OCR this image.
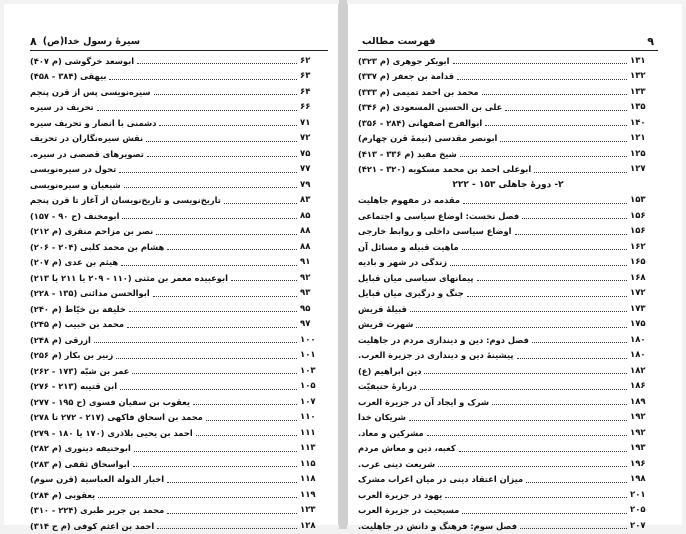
۸ سیرهٔ رسول خدا(ص)
ابوسعد خرگوشی (م ۴۰۷)	۶۲
بیهقی (۳۸۴ - ۴۵۸)	۶۳
سیره‌نویسی پس از قرن پنجم	۶۴
تحریف در سیره	۶۶
دشمنی با انصار و تحریف سیره	۷۱
نقش سیره‌نگاران در تحریف	۷۲
تصویرهای قصصی در سیره.	۷۵
تحول در سیره‌نویسی	۷۷
شیعیان و سیره‌نویسی	۷۹
تاریخ‌نویسی و تاریخ‌نویسان از آغاز تا قرن پنجم	۸۳
ابومخنف (ح ۹۰ - ۱۵۷)	۸۵
نصر بن مزاحم منقری (م ۲۱۲)	۸۸
هشام بن محمد کلبی (۲۰۴ - ۲۰۶)	۸۸
هیثم بن عدی (م ۲۰۷)	۹۱
ابوعبیده معمر بن مثنی (۱۱۰ - ۲۰۹ یا ۲۱۱ یا ۲۱۳)	۹۲
ابوالحسن مدائنی (۱۳۵ - ۲۲۸)	۹۳
خلیفة بن خیّاط (م ۲۴۰)	۹۵
محمد بن حبیب (م ۲۴۵)	۹۷
ازرقی (م ۲۴۸)	۱۰۰
زبیر بن بکار (م ۲۵۶)	۱۰۱
عمر بن شبّه (۱۷۳ - ۲۶۲)	۱۰۳
ابن قتیبه (۲۱۳ - ۲۷۶)	۱۰۵
یعقوب بن سفیان فسوی (ح ۱۹۵ - ۲۷۷)	۱۰۷
محمد بن اسحاق فاکهی (۲۱۷ - ۲۷۲ تا ۲۷۸)	۱۱۰
احمد بن یحیی بلاذری (۱۷۰ یا ۱۸۰ - ۲۷۹)	۱۱۱
ابوحنیفه دینوری (م ۲۸۲)	۱۱۳
ابواسحاق ثقفی (م ۲۸۳)	۱۱۵
اخبار الدولة العباسیة (قرن سوم)	۱۱۸
یعقوبی (م ۲۸۴)	۱۱۹
محمد بن جریر طبری (۲۲۴ - ۳۱۰)	۱۲۳
احمد بن اعثم کوفی (م ح ۳۱۴)	۱۲۸
۹
فهرست مطالب
ابوبکر جوهری (م ۳۲۳)	۱۳۱
قدامة بن جعفر (م ۳۳۷)	۱۳۲
محمد بن احمد تمیمی (م ۳۳۳)	۱۳۳
علی بن الحسین المسعودی (م ۳۴۶)	۱۳۵
ابوالفرج اصفهانی (۲۸۴ - ۳۵۶)	۱۴۰
ابونصر مقدسی (نیمهٔ قرن چهارم)	۱۲۱
شیخ مفید (م ۳۳۶ - ۴۱۳)	۱۲۵
ابوعلی احمد بن محمد مسکویه (۳۲۰ - ۴۲۱)	۱۲۷
۲- دورهٔ جاهلی ۱۵۳ - ۲۲۲
مقدمه در مفهوم جاهلیت	۱۵۳
فصل نخست: اوضاع سیاسی و اجتماعی	۱۵۶
اوضاع سیاسی داخلی و روابط خارجی	۱۵۶
ماهیت قبیله و مسائل آن	۱۶۲
زندگی در شهر و بادیه	۱۶۵
پیمانهای سیاسی میان قبایل	۱۶۸
جنگ و درگیری میان قبایل	۱۷۲
قبیلهٔ قریش	۱۷۳
شهرت قریش	۱۷۵
فصل دوم: دین و دینداری مردم در جاهلیت	۱۸۰
پیشینهٔ دین و دینداری در جزیرة العرب.	۱۸۰
دین ابراهیم (ع)	۱۸۲
دربارهٔ حنیفیّت	۱۸۶
شرک و ایجاد آن در جزیرة العرب	۱۸۹
شریکان خدا	۱۹۲
مشرکین و معاد.	۱۹۲
کعبه، دین و معاش مردم	۱۹۳
شریعت دینی عرب.	۱۹۶
میزان اعتقاد دینی در میان اعراب مشرک	۱۹۸
یهود در جزیرة العرب	۲۰۱
مسیحیت در جزیرة العرب	۲۰۵
فصل سوم: فرهنگ و دانش در جاهلیت.	۲۰۷
